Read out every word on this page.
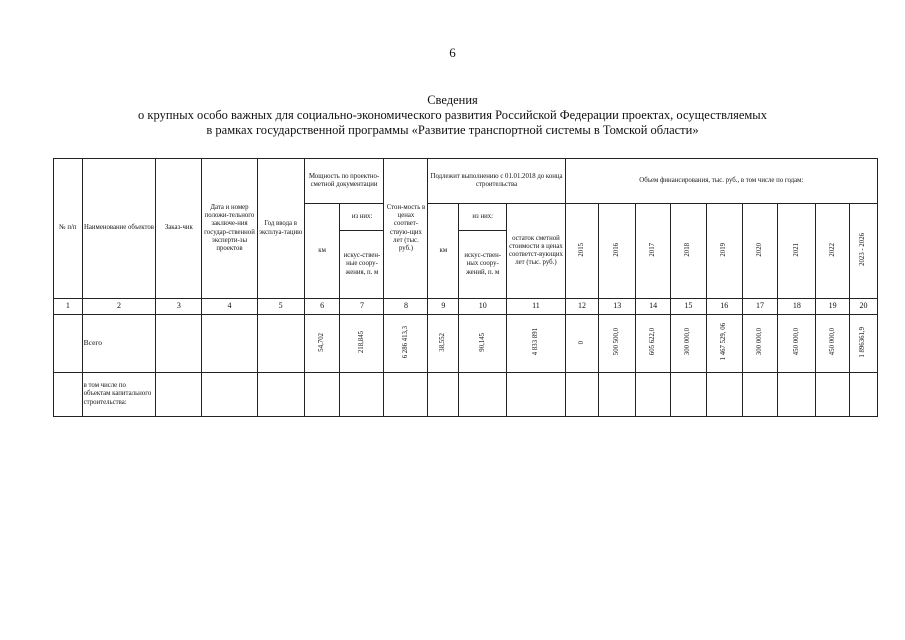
6
Сведения
о крупных особо важных для социально-экономического развития Российской Федерации проектах, осуществляемых
в рамках государственной программы «Развитие транспортной системы в Томской области»
№ п/п	Наименование объектов	Заказ-чик	Дата и номер положи-тельного заключе-ния государ-ственной эксперти-зы проектов	Год ввода в эксплуа-тацию	Мощность по проектно-сметной документации		Стои-мость в ценах соответ-ствую-щих лет (тыс. руб.)	Подлежит выполнению с 01.01.2018 до конца строительства			Объем финансирования, тыс. руб., в том числе по годам:								
					км	из них:		км	из них:	остаток сметной стоимости в ценах соответст-вующих лет (тыс. руб.)	2015	2016	2017	2018	2019	2020	2021	2022	2023 - 2026
						искус-ствен-ные соору-жения, п. м			искус-ствен-ных соору-жений, п. м										
1	2	3	4	5	6	7	8	9	10	11	12	13	14	15	16	17	18	19	20
	Всего				54,702	218,845	6 286 413,3	38,552	90,145	4 833 891	0	500 500,0	605 622,0	300 000,0	1 467 529, 06	300 000,0	450 000,0	450 000,0	1 896361,9
	в том числе по объектам капитального строительства:																		
